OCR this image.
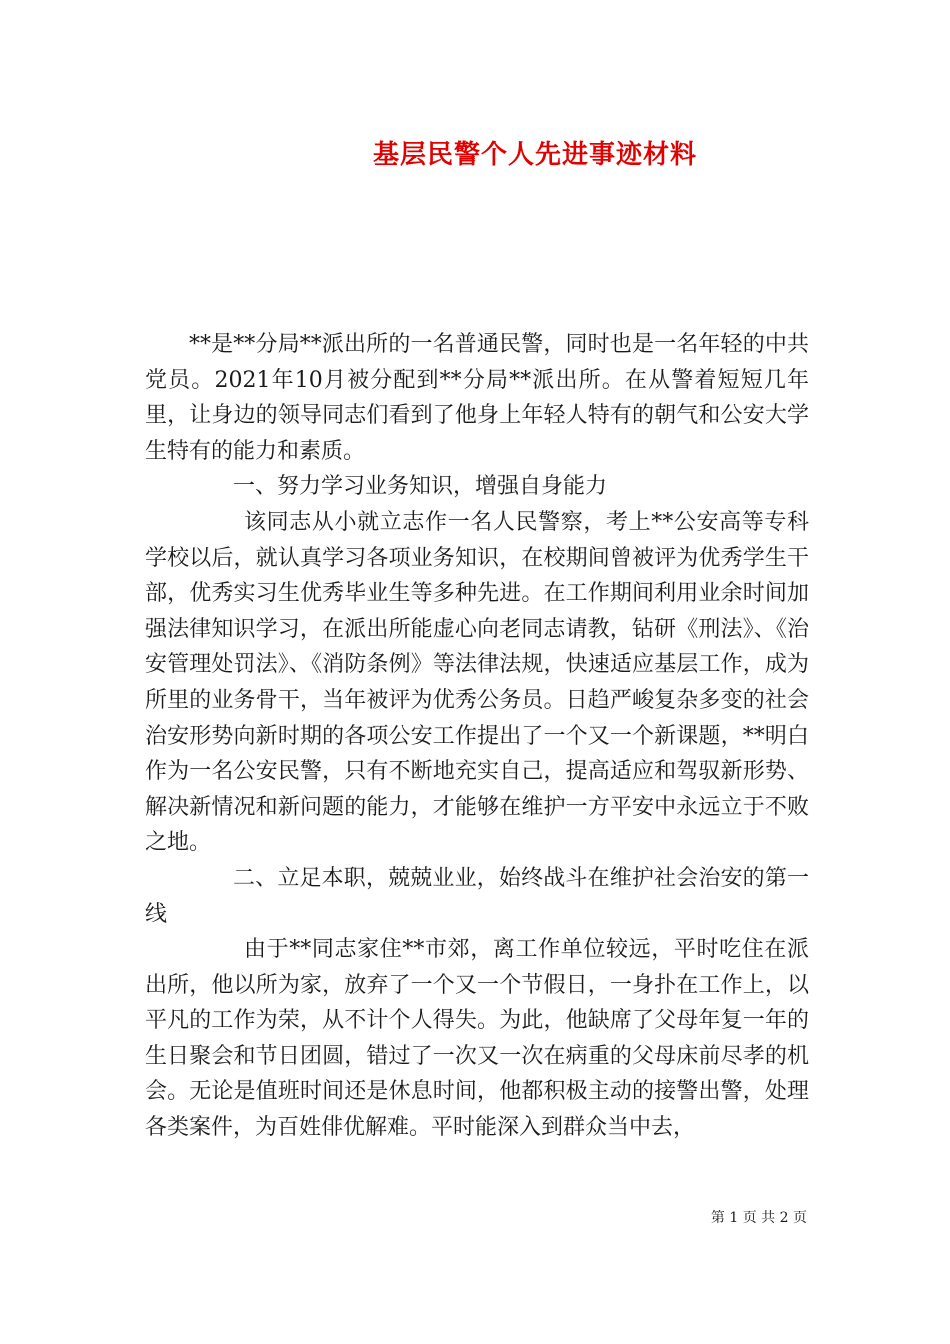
基层民警个人先进事迹材料

**是**分局**派出所的一名普通民警，同时也是一名年轻的中共党员。2021年10月被分配到**分局**派出所。在从警着短短几年里，让身边的领导同志们看到了他身上年轻人特有的朝气和公安大学生特有的能力和素质。

一、努力学习业务知识，增强自身能力

该同志从小就立志作一名人民警察，考上**公安高等专科学校以后，就认真学习各项业务知识，在校期间曾被评为优秀学生干部，优秀实习生优秀毕业生等多种先进。在工作期间利用业余时间加强法律知识学习，在派出所能虚心向老同志请教，钻研《刑法》、《治安管理处罚法》、《消防条例》等法律法规，快速适应基层工作，成为所里的业务骨干，当年被评为优秀公务员。日趋严峻复杂多变的社会治安形势向新时期的各项公安工作提出了一个又一个新课题，**明白作为一名公安民警，只有不断地充实自己，提高适应和驾驭新形势、解决新情况和新问题的能力，才能够在维护一方平安中永远立于不败之地。

二、立足本职，兢兢业业，始终战斗在维护社会治安的第一线

由于**同志家住**市郊，离工作单位较远，平时吃住在派出所，他以所为家，放弃了一个又一个节假日，一身扑在工作上，以平凡的工作为荣，从不计个人得失。为此，他缺席了父母年复一年的生日聚会和节日团圆，错过了一次又一次在病重的父母床前尽孝的机会。无论是值班时间还是休息时间，他都积极主动的接警出警，处理各类案件，为百姓俳优解难。平时能深入到群众当中去，

第 1 页 共 2 页
